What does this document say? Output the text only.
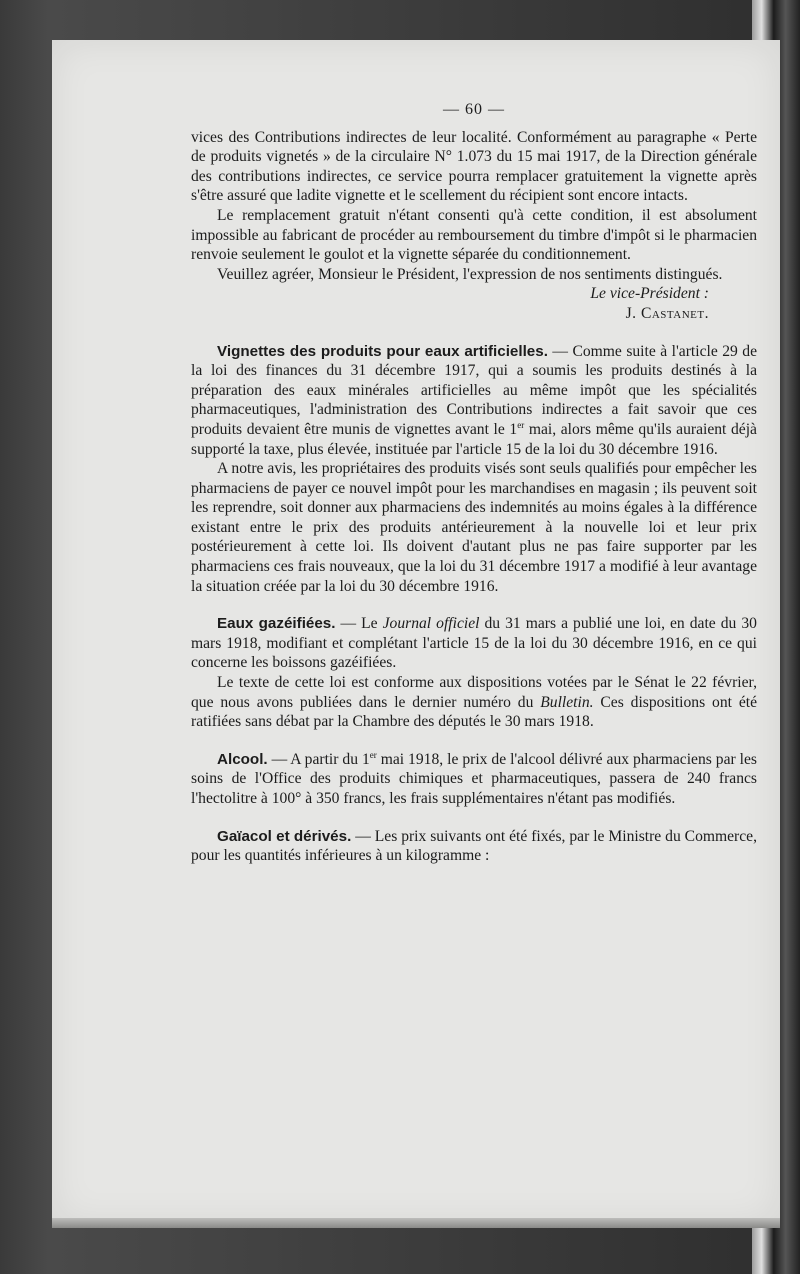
— 60 —

vices des Contributions indirectes de leur localité. Conformément au paragraphe « Perte de produits vignetés » de la circulaire N° 1.073 du 15 mai 1917, de la Direction générale des contributions indirectes, ce service pourra remplacer gratuitement la vignette après s'être assuré que ladite vignette et le scellement du récipient sont encore intacts.

Le remplacement gratuit n'étant consenti qu'à cette condition, il est absolument impossible au fabricant de procéder au remboursement du timbre d'impôt si le pharmacien renvoie seulement le goulot et la vignette séparée du conditionnement.

Veuillez agréer, Monsieur le Président, l'expression de nos sentiments distingués.

Le vice-Président :
J. Castanet.

Vignettes des produits pour eaux artificielles. — Comme suite à l'article 29 de la loi des finances du 31 décembre 1917, qui a soumis les produits destinés à la préparation des eaux minérales artificielles au même impôt que les spécialités pharmaceutiques, l'administration des Contributions indirectes a fait savoir que ces produits devaient être munis de vignettes avant le 1er mai, alors même qu'ils auraient déjà supporté la taxe, plus élevée, instituée par l'article 15 de la loi du 30 décembre 1916.

A notre avis, les propriétaires des produits visés sont seuls qualifiés pour empêcher les pharmaciens de payer ce nouvel impôt pour les marchandises en magasin ; ils peuvent soit les reprendre, soit donner aux pharmaciens des indemnités au moins égales à la différence existant entre le prix des produits antérieurement à la nouvelle loi et leur prix postérieurement à cette loi. Ils doivent d'autant plus ne pas faire supporter par les pharmaciens ces frais nouveaux, que la loi du 31 décembre 1917 a modifié à leur avantage la situation créée par la loi du 30 décembre 1916.

Eaux gazéifiées. — Le Journal officiel du 31 mars a publié une loi, en date du 30 mars 1918, modifiant et complétant l'article 15 de la loi du 30 décembre 1916, en ce qui concerne les boissons gazéifiées.

Le texte de cette loi est conforme aux dispositions votées par le Sénat le 22 février, que nous avons publiées dans le dernier numéro du Bulletin. Ces dispositions ont été ratifiées sans débat par la Chambre des députés le 30 mars 1918.

Alcool. — A partir du 1er mai 1918, le prix de l'alcool délivré aux pharmaciens par les soins de l'Office des produits chimiques et pharmaceutiques, passera de 240 francs l'hectolitre à 100° à 350 francs, les frais supplémentaires n'étant pas modifiés.

Gaïacol et dérivés. — Les prix suivants ont été fixés, par le Ministre du Commerce, pour les quantités inférieures à un kilogramme :
